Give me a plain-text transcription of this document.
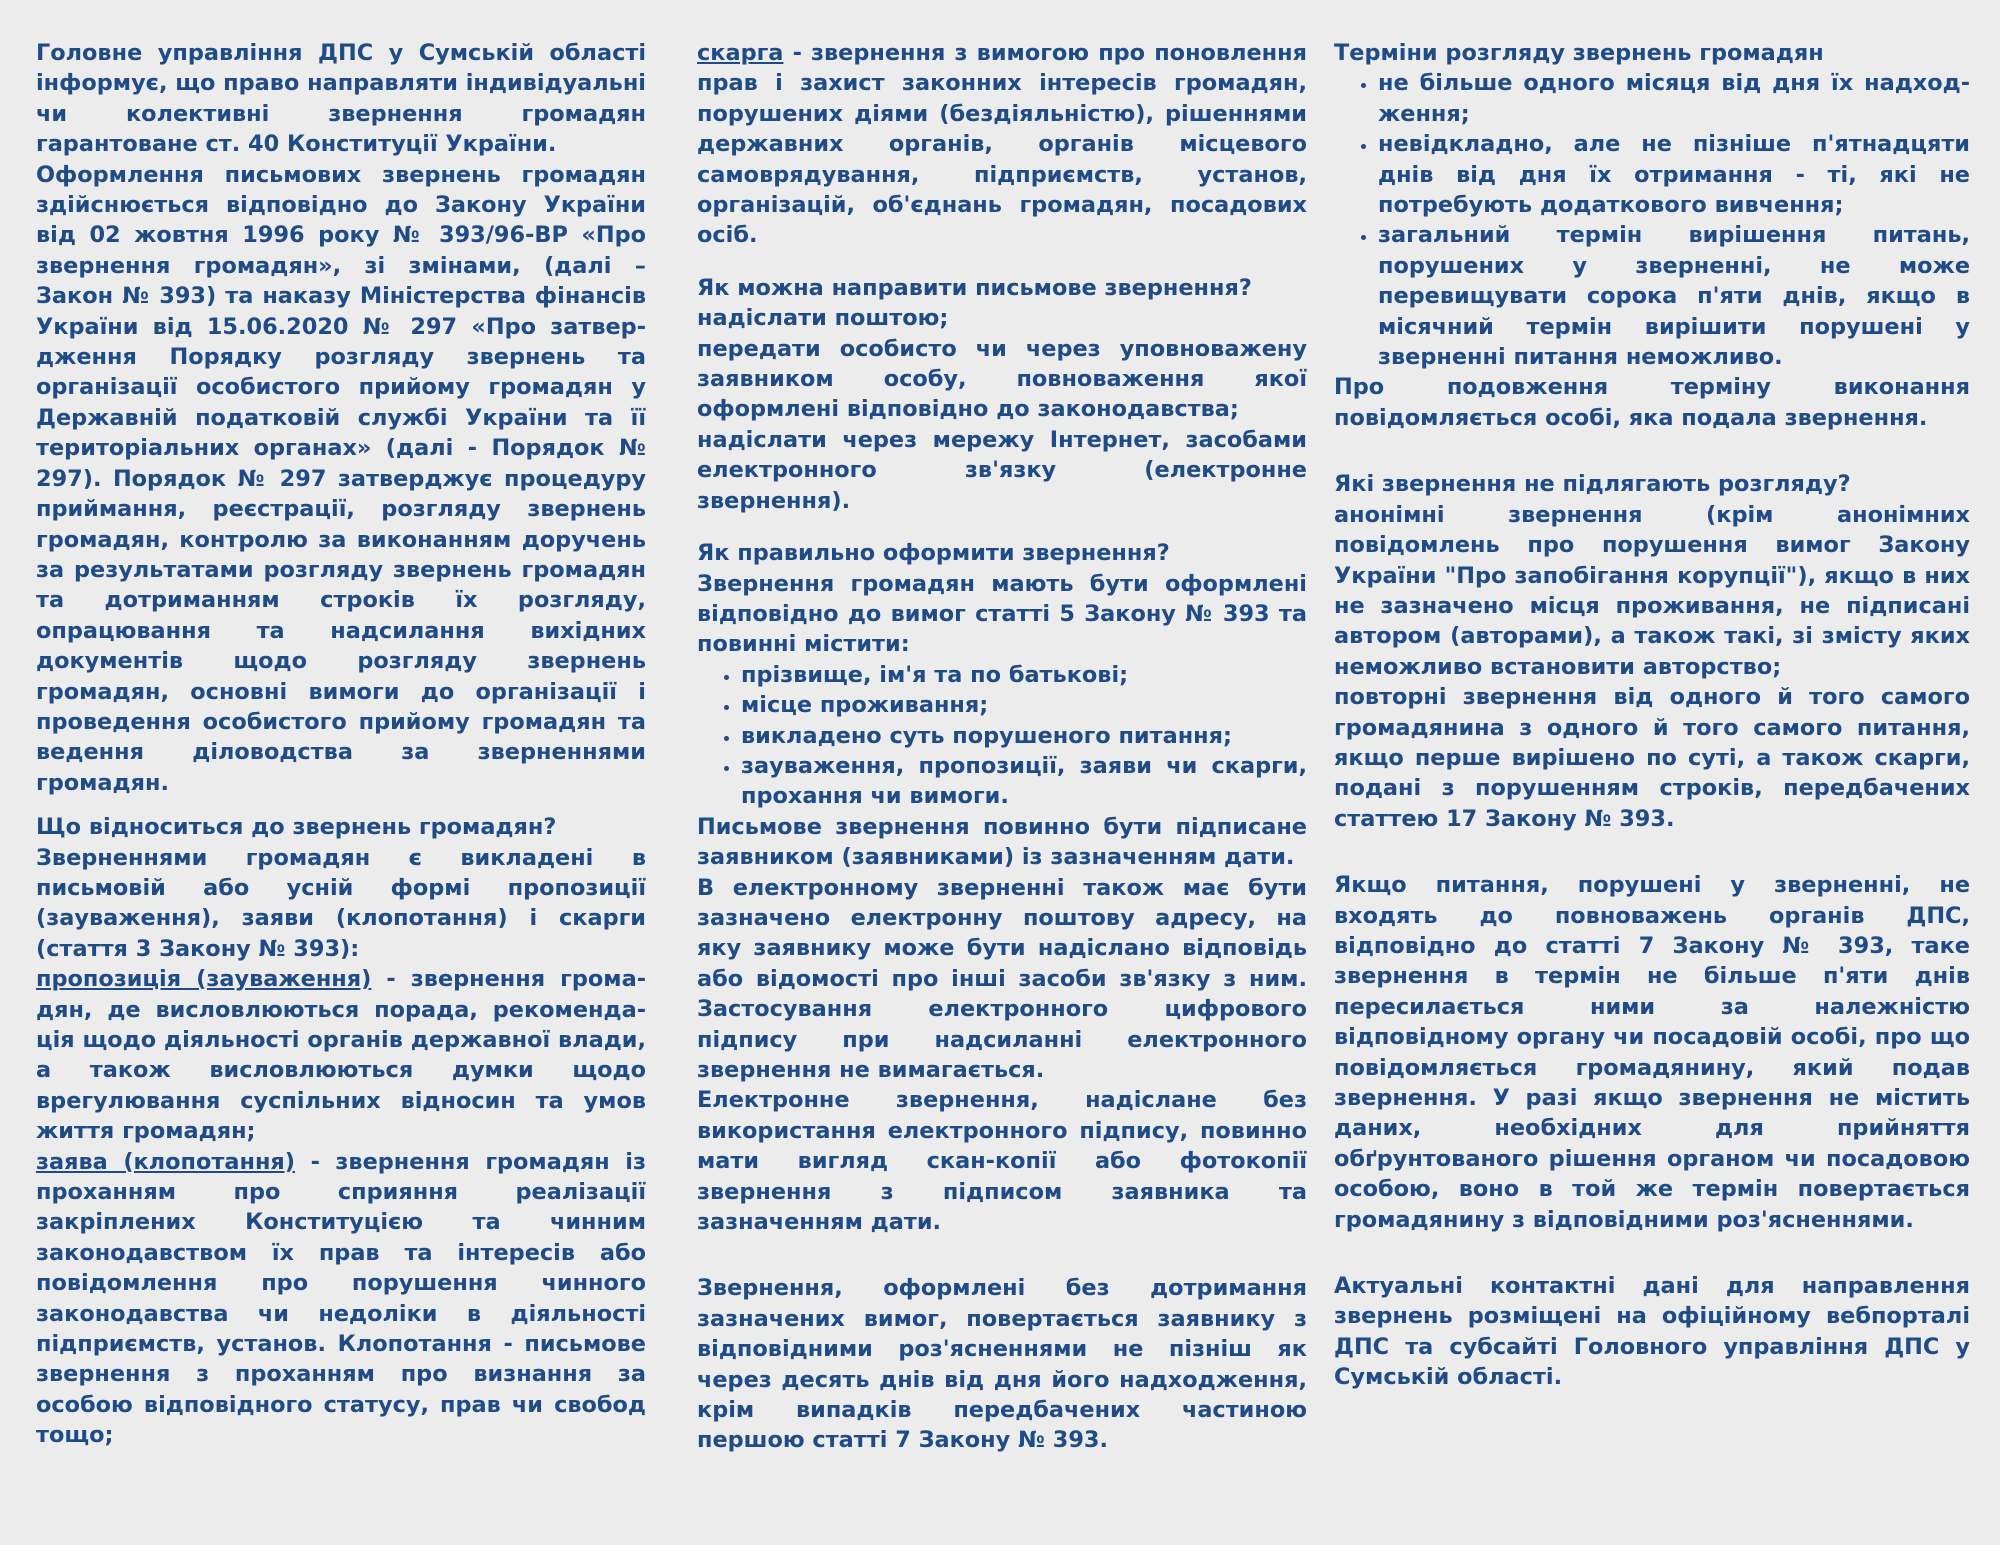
Головне управління ДПС у Сумській області інформує, що право направляти індивідуальні чи колективні звернення громадян гарантоване ст. 40 Конституції України.

Оформлення письмових звернень громадян здійснюється відповідно до Закону України від 02 жовтня 1996 року № 393/96-ВР «Про звернення громадян», зі змінами, (далі – Закон № 393) та наказу Міністерства фінансів України від 15.06.2020 № 297 «Про затвердження Порядку розгляду звернень та організації особистого прийому громадян у Державній податковій службі України та її територіальних органах» (далі - Порядок № 297). Порядок № 297 затверджує процедуру приймання, реєстрації, розгляду звернень громадян, контролю за виконанням доручень за результатами розгляду звернень громадян та дотриманням строків їх розгляду, опрацювання та надсилання вихідних документів щодо розгляду звернень громадян, основні вимоги до організації і проведення особистого прийому громадян та ведення діловодства за зверненнями громадян.

Що відноситься до звернень громадян?
Зверненнями громадян є викладені в письмовій або усній формі пропозиції (зауваження), заяви (клопотання) і скарги (стаття 3 Закону № 393):

пропозиція (зауваження) - звернення громадян, де висловлюються порада, рекомендація щодо діяльності органів державної влади, а також висловлюються думки щодо врегулювання суспільних відносин та умов життя громадян;

заява (клопотання) - звернення громадян із проханням про сприяння реалізації закріплених Конституцією та чинним законодавством їх прав та інтересів або повідомлення про порушення чинного законодавства чи недоліки в діяльності підприємств, установ. Клопотання - письмове звернення з проханням про визнання за особою відповідного статусу, прав чи свобод тощо;

скарга - звернення з вимогою про поновлення прав і захист законних інтересів громадян, порушених діями (бездіяльністю), рішеннями державних органів, органів місцевого самоврядування, підприємств, установ, організацій, об'єднань громадян, посадових осіб.

Як можна направити письмове звернення?
надіслати поштою;
передати особисто чи через уповноважену заявником особу, повноваження якої оформлені відповідно до законодавства;
надіслати через мережу Інтернет, засобами електронного зв'язку (електронне звернення).

Як правильно оформити звернення?
Звернення громадян мають бути оформлені відповідно до вимог статті 5 Закону № 393 та повинні містити:

• прізвище, ім'я та по батькові;
• місце проживання;
• викладено суть порушеного питання;
• зауваження, пропозиції, заяви чи скарги, прохання чи вимоги.

Письмове звернення повинно бути підписане заявником (заявниками) із зазначенням дати.

В електронному зверненні також має бути зазначено електронну поштову адресу, на яку заявнику може бути надіслано відповідь або відомості про інші засоби зв'язку з ним. Застосування електронного цифрового підпису при надсиланні електронного звернення не вимагається.

Електронне звернення, надіслане без використання електронного підпису, повинно мати вигляд скан-копії або фотокопії звернення з підписом заявника та зазначенням дати.

Звернення, оформлені без дотримання зазначених вимог, повертається заявнику з відповідними роз'ясненнями не пізніш як через десять днів від дня його надходження, крім випадків передбачених частиною першою статті 7 Закону № 393.

Терміни розгляду звернень громадян

• не більше одного місяця від дня їх надходження;
• невідкладно, але не пізніше п'ятнадцяти днів від дня їх отримання - ті, які не потребують додаткового вивчення;
• загальний термін вирішення питань, порушених у зверненні, не може перевищувати сорока п'яти днів, якщо в місячний термін вирішити порушені у зверненні питання неможливо.

Про подовження терміну виконання повідомляється особі, яка подала звернення.

Які звернення не підлягають розгляду?
анонімні звернення (крім анонімних повідомлень про порушення вимог Закону України "Про запобігання корупції"), якщо в них не зазначено місця проживання, не підписані автором (авторами), а також такі, зі змісту яких неможливо встановити авторство;

повторні звернення від одного й того самого громадянина з одного й того самого питання, якщо перше вирішено по суті, а також скарги, подані з порушенням строків, передбачених статтею 17 Закону № 393.

Якщо питання, порушені у зверненні, не входять до повноважень органів ДПС, відповідно до статті 7 Закону № 393, таке звернення в термін не більше п'яти днів пересилається ними за належністю відповідному органу чи посадовій особі, про що повідомляється громадянину, який подав звернення. У разі якщо звернення не містить даних, необхідних для прийняття обґрунтованого рішення органом чи посадовою особою, воно в той же термін повертається громадянину з відповідними роз'ясненнями.

Актуальні контактні дані для направлення звернень розміщені на офіційному вебпорталі ДПС та субсайті Головного управління ДПС у Сумській області.
